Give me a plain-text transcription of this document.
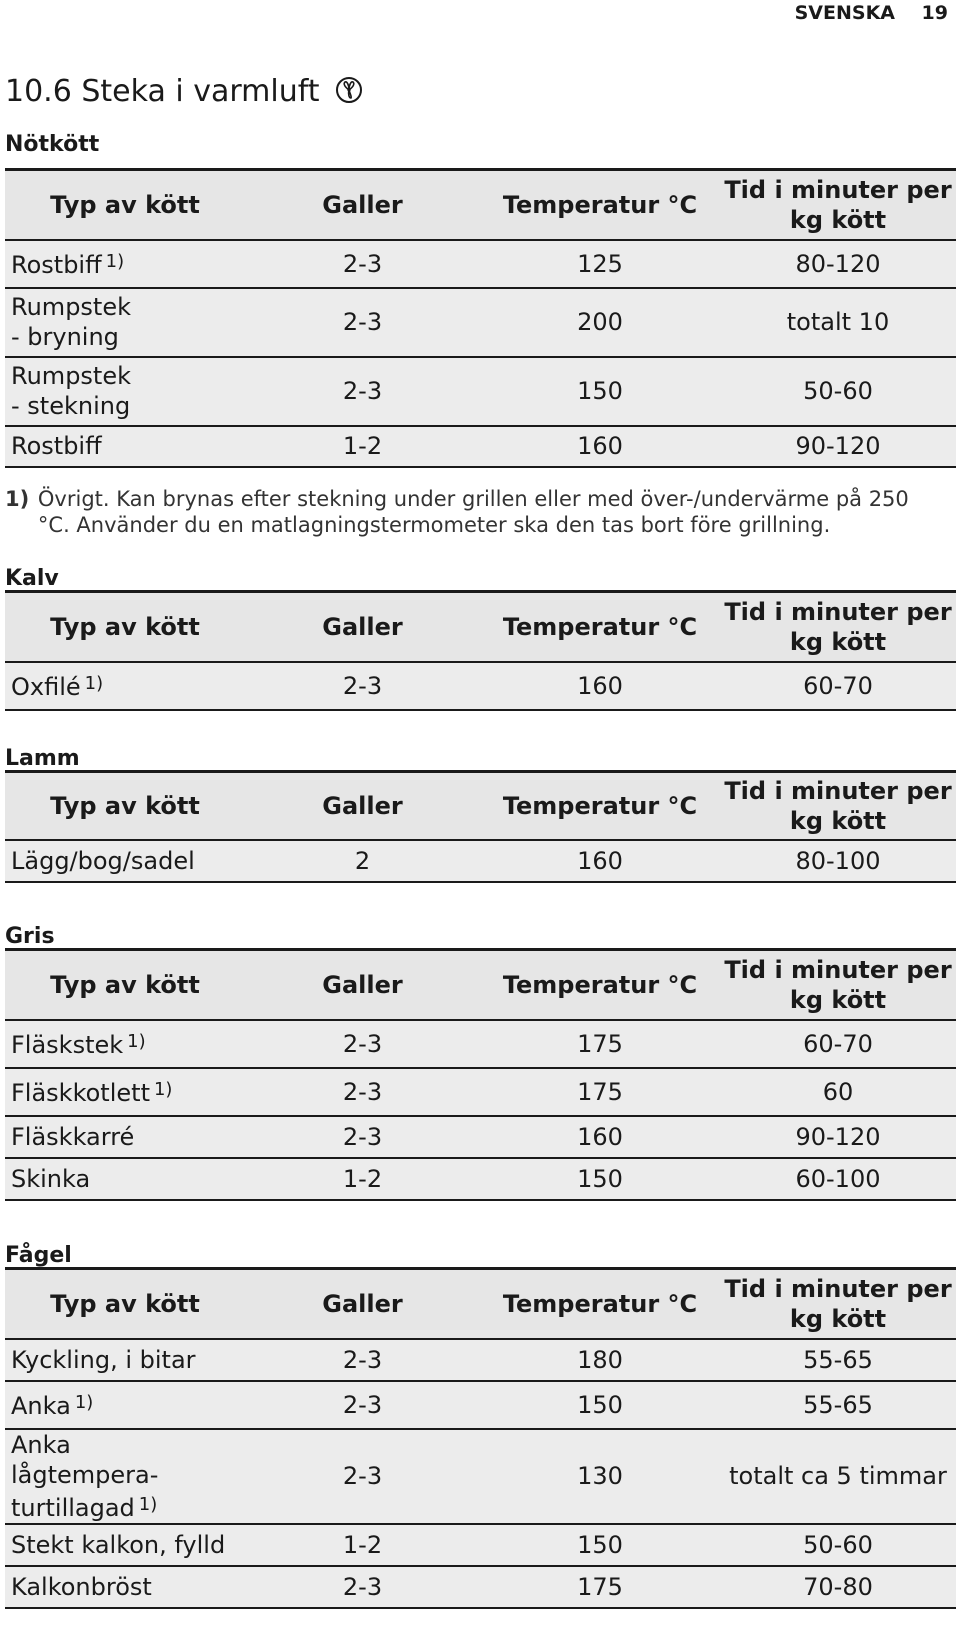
SVENSKA 19
10.6 Steka i varmluft
Nötkött
Typ av kött	Galler	Temperatur °C	Tid i minuter per kg kött
Rostbiff $^{1)}$	2-3	125	80-120
Rumpstek - bryning	2-3	200	totalt 10
Rumpstek - stekning	2-3	150	50-60
Rostbiff	1-2	160	90-120
1) Övrigt. Kan brynas efter stekning under grillen eller med över-/undervärme på 250 °C. Använder du en matlagningstermometer ska den tas bort före grillning.
Kalv
Typ av kött	Galler	Temperatur °C	Tid i minuter per kg kött
Oxfilé $^{1)}$	2-3	160	60-70
Lamm
Typ av kött	Galler	Temperatur °C	Tid i minuter per kg kött
Lägg/bog/sadel	2	160	80-100
Gris
Typ av kött	Galler	Temperatur °C	Tid i minuter per kg kött
Fläskstek $^{1)}$	2-3	175	60-70
Fläskkotlett $^{1)}$	2-3	175	60
Fläskkarré	2-3	160	90-120
Skinka	1-2	150	60-100
Fågel
Typ av kött	Galler	Temperatur °C	Tid i minuter per kg kött
Kyckling, i bitar	2-3	180	55-65
Anka $^{1)}$	2-3	150	55-65
Anka lågtempera- turtillagad $^{1)}$	2-3	130	totalt ca 5 timmar
Stekt kalkon, fylld	1-2	150	50-60
Kalkonbröst	2-3	175	70-80
